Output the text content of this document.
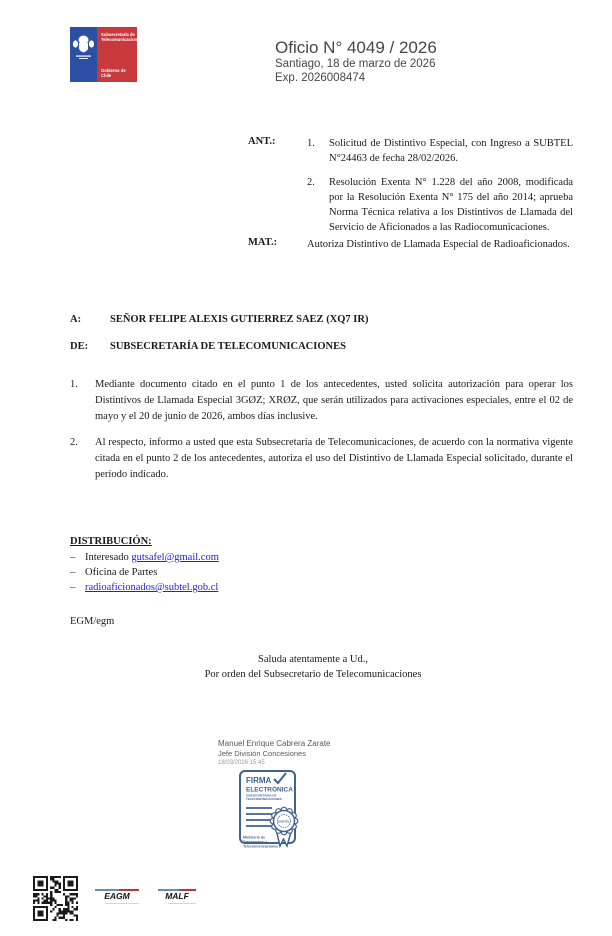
Subsecretaría de
Telecomunicaciones
Gobierno de Chile
Oficio N° 4049 / 2026
Santiago, 18 de marzo de 2026
Exp. 2026008474
ANT.:	1.	Solicitud de Distintivo Especial, con Ingreso a SUBTEL N°24463 de fecha 28/02/2026.
2.	Resolución Exenta N° 1.228 del año 2008, modificada por la Resolución Exenta N° 175 del año 2014; aprueba Norma Técnica relativa a los Distintivos de Llamada del Servicio de Aficionados a las Radiocomunicaciones.
MAT.:	Autoriza Distintivo de Llamada Especial de Radioaficionados.
A:	SEÑOR FELIPE ALEXIS GUTIERREZ SAEZ (XQ7 IR)
DE: SUBSECRETARÍA DE TELECOMUNICACIONES
1.	Mediante documento citado en el punto 1 de los antecedentes, usted solicita autorización para operar los Distintivos de Llamada Especial 3GØZ; XRØZ, que serán utilizados para activaciones especiales, entre el 02 de mayo y el 20 de junio de 2026, ambos días inclusive.
2.	Al respecto, informo a usted que esta Subsecretaría de Telecomunicaciones, de acuerdo con la normativa vigente citada en el punto 2 de los antecedentes, autoriza el uso del Distintivo de Llamada Especial solicitado, durante el período indicado.
DISTRIBUCIÓN:
– Interesado gutsafel@gmail.com
– Oficina de Partes
– radioaficionados@subtel.gob.cl
EGM/egm
Saluda atentamente a Ud.,
Por orden del Subsecretario de Telecomunicaciones
Manuel Enrique Cabrera Zarate
Jefe División Concesiones
18/03/2026 15:45
FIRMA
ELECTRÓNICA
SUBSECRETARIA DE
TELECOMUNICACIONES
SUBTEL
Ministerio de
Transportes y
Telecomunicaciones
EAGM	MALF
